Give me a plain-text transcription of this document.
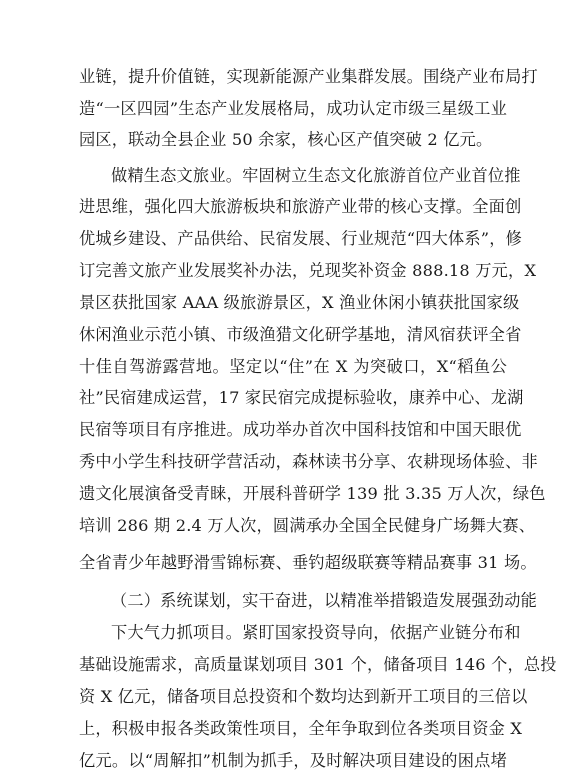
业链，提升价值链，实现新能源产业集群发展。围绕产业布局打
造“一区四园”生态产业发展格局，成功认定市级三星级工业
园区，联动全县企业 50 余家，核心区产值突破 2 亿元。
做精生态文旅业。牢固树立生态文化旅游首位产业首位推
进思维，强化四大旅游板块和旅游产业带的核心支撑。全面创
优城乡建设、产品供给、民宿发展、行业规范“四大体系”，修
订完善文旅产业发展奖补办法，兑现奖补资金 888.18 万元，X
景区获批国家 AAA 级旅游景区，X 渔业休闲小镇获批国家级
休闲渔业示范小镇、市级渔猎文化研学基地，清风宿获评全省
十佳自驾游露营地。坚定以“住”在 X 为突破口，X“稻鱼公
社”民宿建成运营，17 家民宿完成提标验收，康养中心、龙湖
民宿等项目有序推进。成功举办首次中国科技馆和中国天眼优
秀中小学生科技研学营活动，森林读书分享、农耕现场体验、非
遗文化展演备受青睐，开展科普研学 139 批 3.35 万人次，绿色
培训 286 期 2.4 万人次，圆满承办全国全民健身广场舞大赛、
全省青少年越野滑雪锦标赛、垂钓超级联赛等精品赛事 31 场。
（二）系统谋划，实干奋进，以精准举措锻造发展强劲动能
下大气力抓项目。紧盯国家投资导向，依据产业链分布和
基础设施需求，高质量谋划项目 301 个，储备项目 146 个，总投
资 X 亿元，储备项目总投资和个数均达到新开工项目的三倍以
上，积极申报各类政策性项目，全年争取到位各类项目资金 X
亿元。以“周解扣”机制为抓手，及时解决项目建设的困点堵
